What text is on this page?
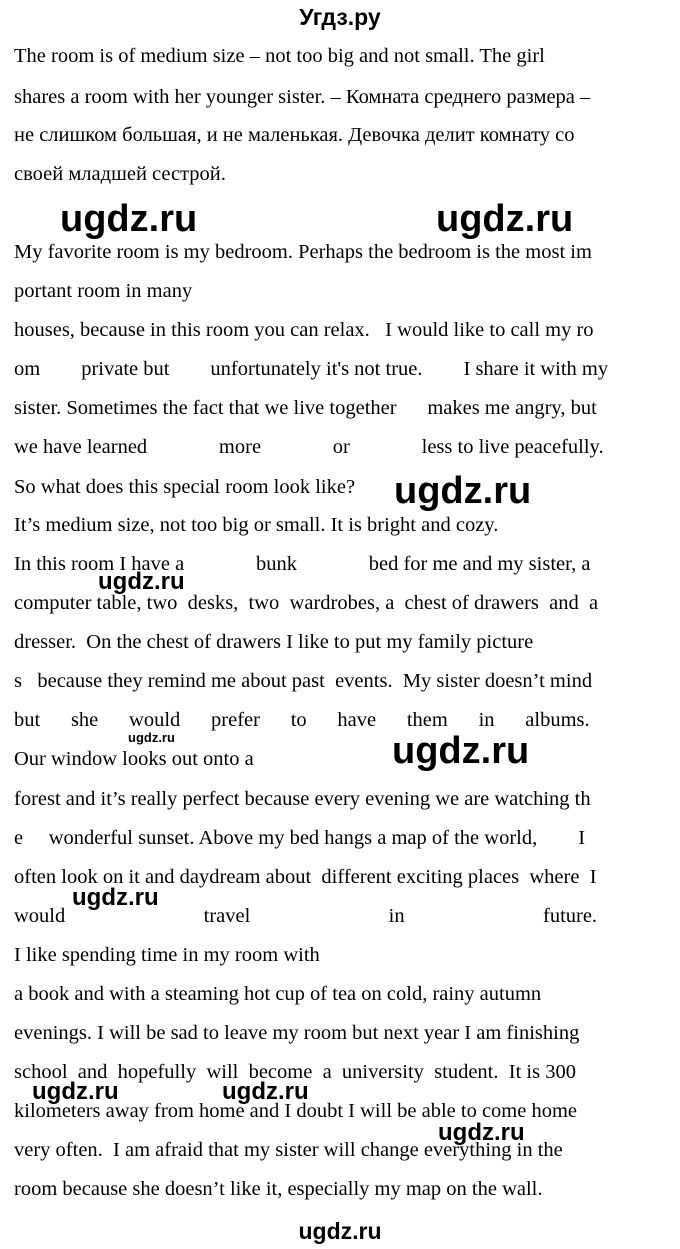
Угдз.ру
The room is of medium size – not too big and not small. The girl
shares a room with her younger sister. – Комната среднего размера –
не слишком большая, и не маленькая. Девочка делит комнату со
своей младшей сестрой.
My favorite room is my bedroom. Perhaps the bedroom is the most im
portant room in many
houses, because in this room you can relax.   I would like to call my ro
om        private but        unfortunately it's not true.        I share it with my
sister. Sometimes the fact that we live together      makes me angry, but
we have learned              more              or              less to live peacefully.
So what does this special room look like?
It’s medium size, not too big or small. It is bright and cozy.
In this room I have a              bunk              bed for me and my sister, a
computer table, two  desks,  two  wardrobes, a  chest of drawers  and  a
dresser.  On the chest of drawers I like to put my family picture
s   because they remind me about past  events.  My sister doesn’t mind
but      she      would      prefer      to      have      them      in      albums.
Our window looks out onto a
forest and it’s really perfect because every evening we are watching th
e     wonderful sunset. Above my bed hangs a map of the world,        I
often look on it and daydream about  different exciting places  where  I
would                           travel                           in                           future.
I like spending time in my room with
a book and with a steaming hot cup of tea on cold, rainy autumn
evenings. I will be sad to leave my room but next year I am finishing
school  and  hopefully  will  become  a  university  student.  It is 300
kilometers away from home and I doubt I will be able to come home
very often.  I am afraid that my sister will change everything in the
room because she doesn’t like it, especially my map on the wall.
ugdz.ru	ugdz.ru
ugdz.ru
ugdz.ru
ugdz.ru	ugdz.ru
ugdz.ru
ugdz.ru	ugdz.ru
ugdz.ru
ugdz.ru
